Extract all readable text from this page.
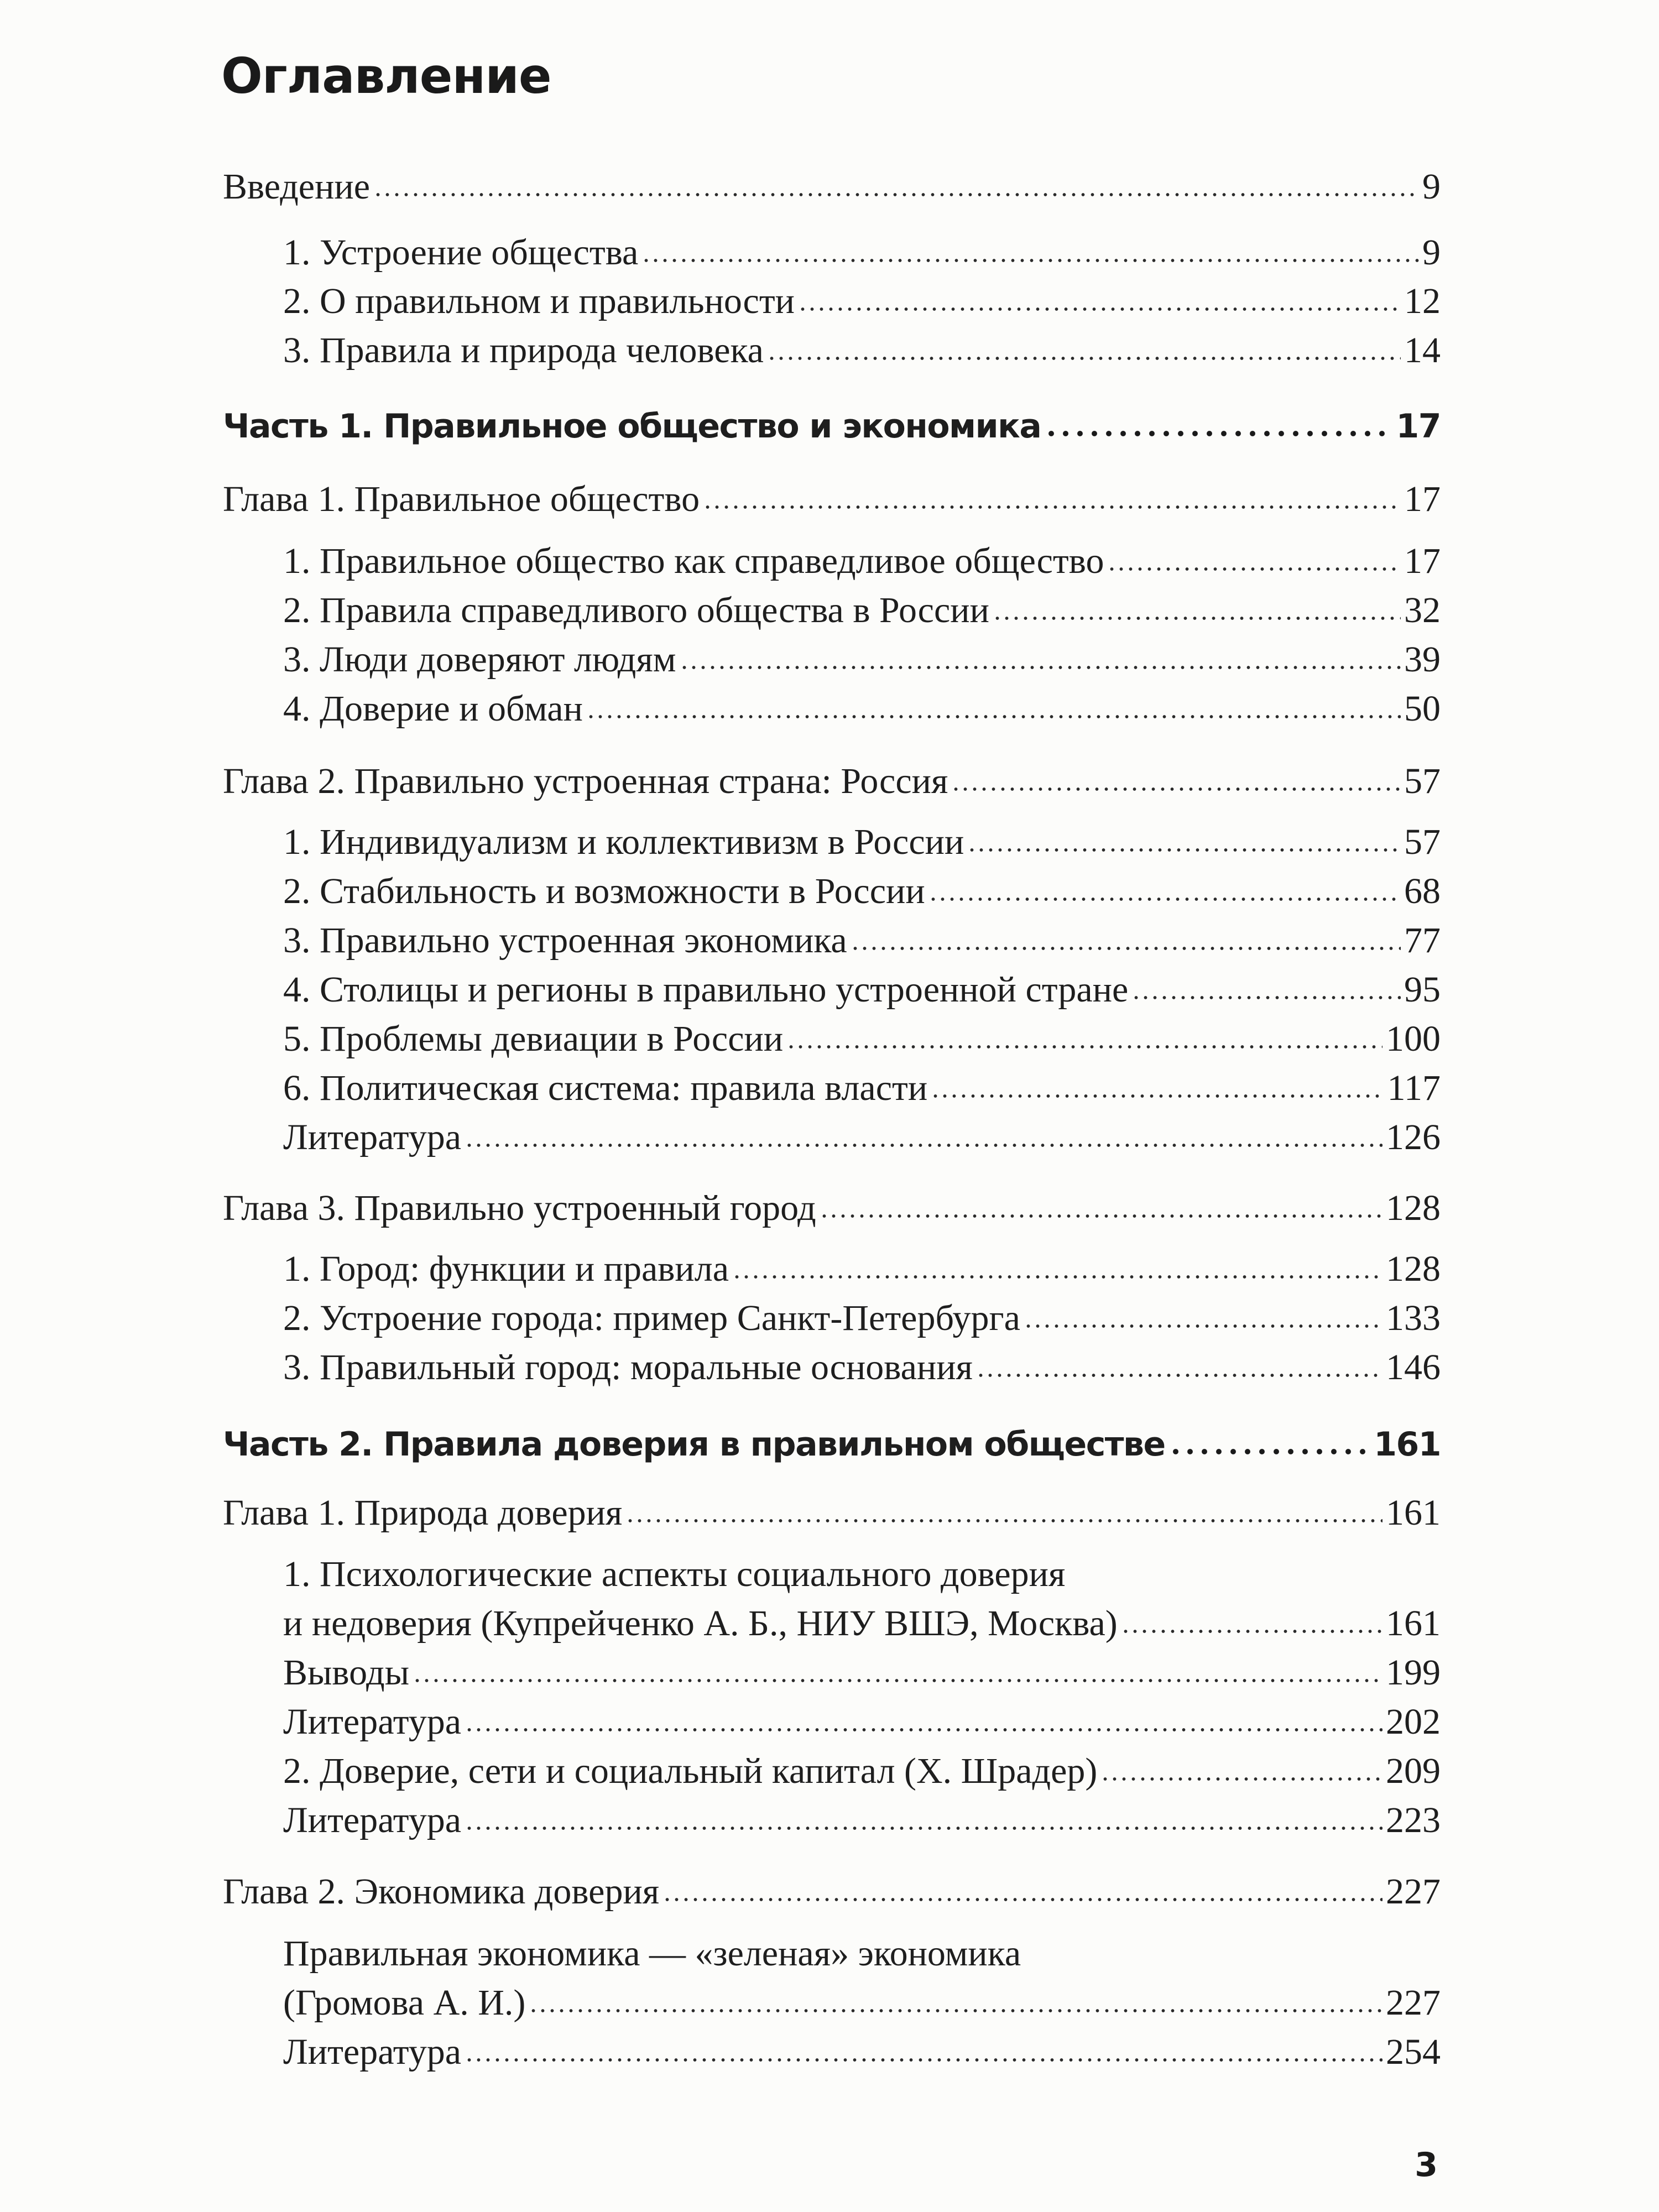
Оглавление
Введение	9
1. Устроение общества	9
2. О правильном и правильности	12
3. Правила и природа человека	14
Часть 1. Правильное общество и экономика	17
Глава 1. Правильное общество	17
1. Правильное общество как справедливое общество	17
2. Правила справедливого общества в России	32
3. Люди доверяют людям	39
4. Доверие и обман	50
Глава 2. Правильно устроенная страна: Россия	57
1. Индивидуализм и коллективизм в России	57
2. Стабильность и возможности в России	68
3. Правильно устроенная экономика	77
4. Столицы и регионы в правильно устроенной стране	95
5. Проблемы девиации в России	100
6. Политическая система: правила власти	117
Литература	126
Глава 3. Правильно устроенный город	128
1. Город: функции и правила	128
2. Устроение города: пример Санкт-Петербурга	133
3. Правильный город: моральные основания	146
Часть 2. Правила доверия в правильном обществе	161
Глава 1. Природа доверия	161
1. Психологические аспекты социального доверия
и недоверия (Купрейченко А. Б., НИУ ВШЭ, Москва)	161
Выводы	199
Литература	202
2. Доверие, сети и социальный капитал (Х. Шрадер)	209
Литература	223
Глава 2. Экономика доверия	227
Правильная экономика — «зеленая» экономика
(Громова А. И.)	227
Литература	254
3
